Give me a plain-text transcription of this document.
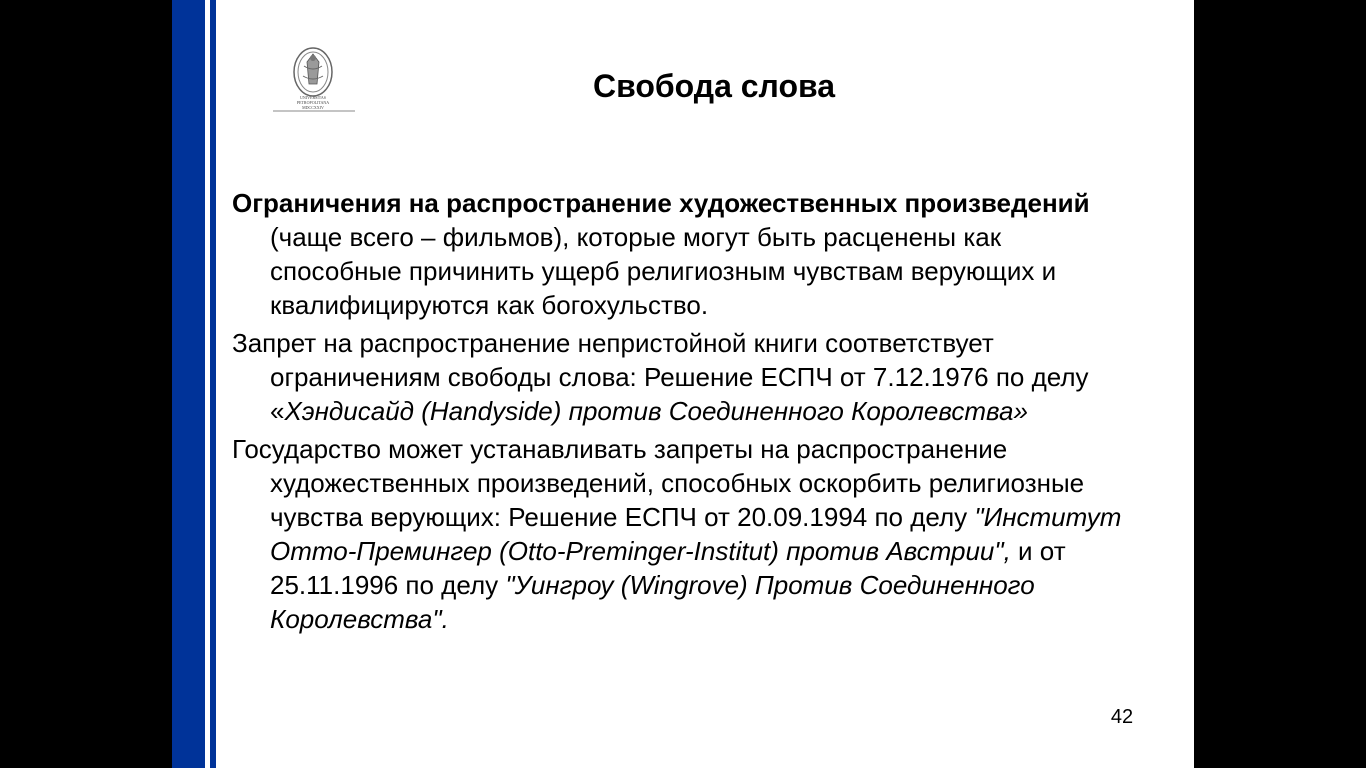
UNIVERSITAS
PETROPOLITANA
MDCCXXIV
Свобода слова

Ограничения на распространение художественных произведений (чаще всего – фильмов), которые могут быть расценены как способные причинить ущерб религиозным чувствам верующих и квалифицируются как богохульство.

Запрет на распространение непристойной книги соответствует ограничениям свободы слова: Решение ЕСПЧ от 7.12.1976 по делу «Хэндисайд (Handyside) против Соединенного Королевства»

Государство может устанавливать запреты на распространение художественных произведений, способных оскорбить религиозные чувства верующих: Решение ЕСПЧ от 20.09.1994 по делу "Институт Отто-Премингер (Otto-Preminger-Institut) против Австрии", и от 25.11.1996 по делу "Уингроу (Wingrove) Против Соединенного Королевства".

42
